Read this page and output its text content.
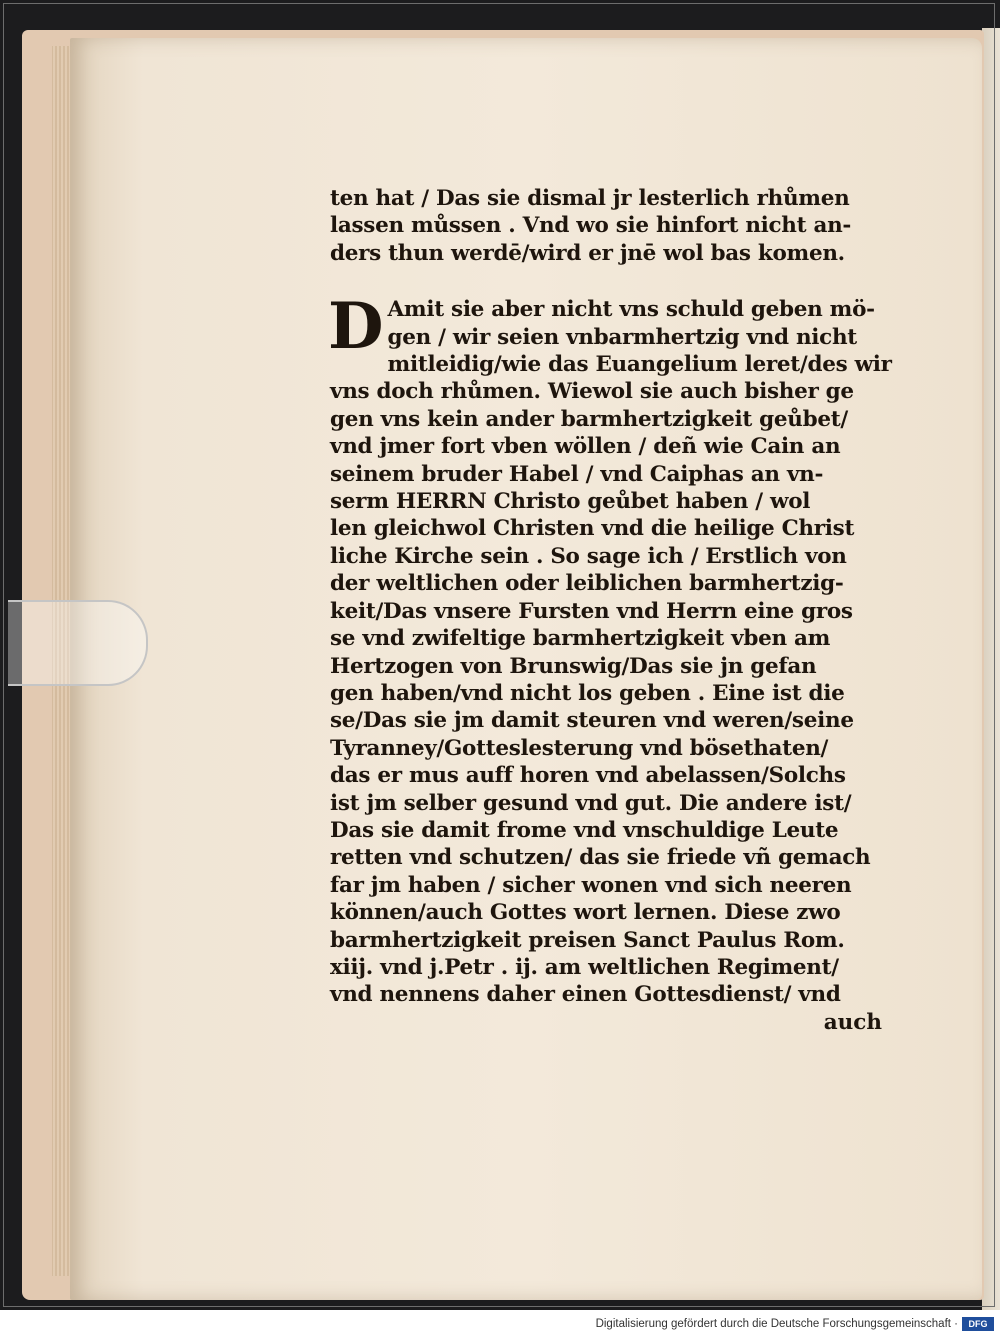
ten hat / Das sie dismal jr lesterlich rhůmen
lassen můssen . Vnd wo sie hinfort nicht an-
ders thun werdē/wird er jnē wol bas komen.
D Amit sie aber nicht vns schuld geben mö-
gen / wir seien vnbarmhertzig vnd nicht
mitleidig/wie das Euangelium leret/des wir
vns doch rhůmen. Wiewol sie auch bisher ge
gen vns kein ander barmhertzigkeit geůbet/
vnd jmer fort vben wöllen / deñ wie Cain an
seinem bruder Habel / vnd Caiphas an vn-
serm HERRN Christo geůbet haben / wol
len gleichwol Christen vnd die heilige Christ
liche Kirche sein . So sage ich / Erstlich von
der weltlichen oder leiblichen barmhertzig-
keit/Das vnsere Fursten vnd Herrn eine gros
se vnd zwifeltige barmhertzigkeit vben am
Hertzogen von Brunswig/Das sie jn gefan
gen haben/vnd nicht los geben . Eine ist die
se/Das sie jm damit steuren vnd weren/seine
Tyranney/Gotteslesterung vnd bösethaten/
das er mus auff horen vnd abelassen/Solchs
ist jm selber gesund vnd gut. Die andere ist/
Das sie damit frome vnd vnschuldige Leute
retten vnd schutzen/ das sie friede vñ gemach
far jm haben / sicher wonen vnd sich neeren
können/auch Gottes wort lernen. Diese zwo
barmhertzigkeit preisen Sanct Paulus Rom.
xiij. vnd j.Petr . ij. am weltlichen Regiment/
vnd nennens daher einen Gottesdienst/ vnd
auch
Digitalisierung gefördert durch die Deutsche Forschungsgemeinschaft ·	DFG
